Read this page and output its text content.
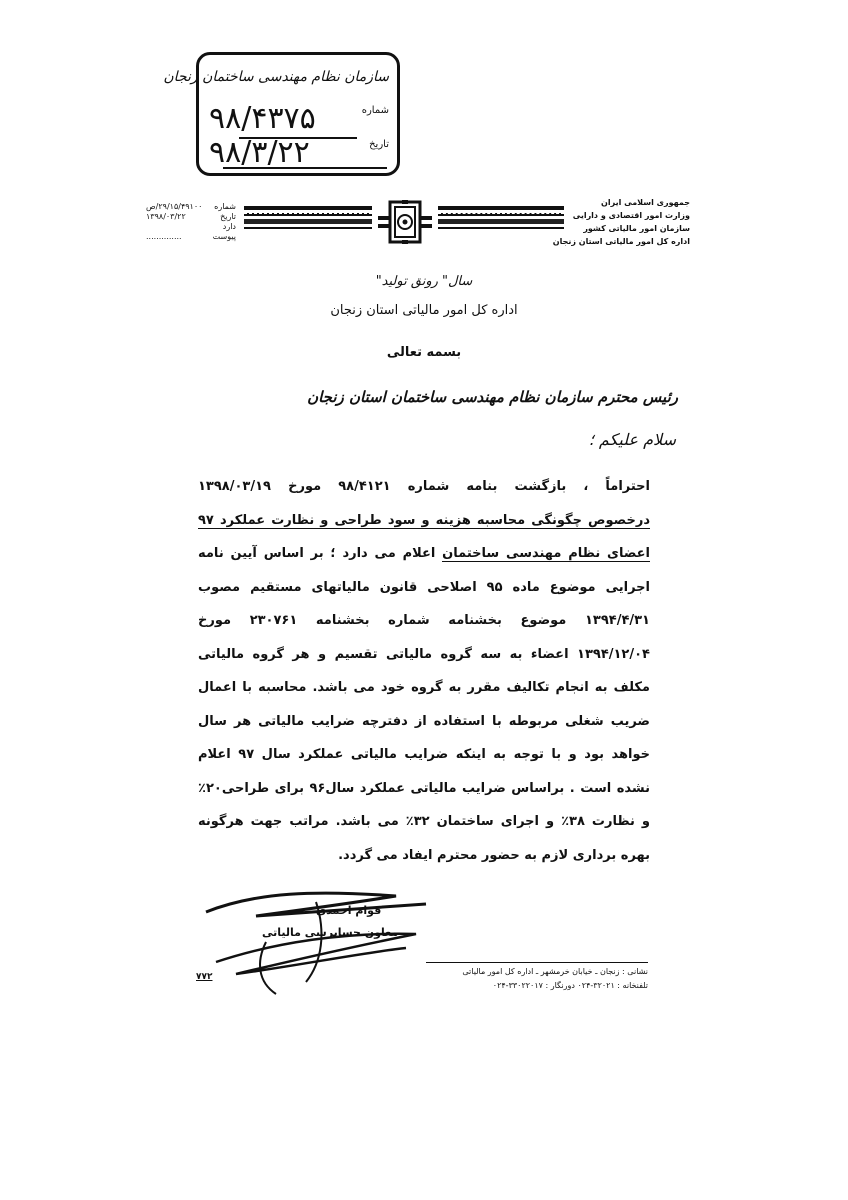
سازمان نظام مهندسی ساختمان زنجان
شماره
۹۸/۴۳۷۵
تاریخ
۹۸/۳/۲۲
شماره
۲۹/۱۵/۴۹۱۰۰/ص
تاریخ
۱۳۹۸/۰۳/۲۲
دارد
پیوست
..............
جمهوری اسلامی ایران
وزارت امور اقتصادی و دارایی
سازمان امور مالیاتی کشور
اداره کل امور مالیاتی استان زنجان
سال" رونق تولید"
اداره کل امور مالیاتی استان زنجان
بسمه تعالی
رئیس محترم سازمان نظام مهندسی ساختمان استان زنجان
سلام علیکم ؛
احتراماً ، بازگشت بنامه شماره ۹۸/۴۱۲۱ مورخ ۱۳۹۸/۰۳/۱۹
درخصوص چگونگی محاسبه هزینه و سود طراحی و نظارت عملکرد ۹۷
اعضای نظام مهندسی ساختمان اعلام می دارد ؛ بر اساس آیین نامه
اجرایی موضوع ماده ۹۵ اصلاحی قانون مالیاتهای مستقیم مصوب
۱۳۹۴/۴/۳۱ موضوع بخشنامه شماره بخشنامه ۲۳۰۷۶۱ مورخ
۱۳۹۴/۱۲/۰۴ اعضاء به سه گروه مالیاتی تقسیم و هر گروه مالیاتی
مکلف به انجام تکالیف مقرر به گروه خود می باشد. محاسبه با اعمال
ضریب شغلی مربوطه با استفاده از دفترچه ضرایب مالیاتی هر سال
خواهد بود و با توجه به اینکه ضرایب مالیاتی عملکرد سال ۹۷ اعلام
نشده است . براساس ضرایب مالیاتی عملکرد سال۹۶ برای طراحی۲۰٪
و نظارت ۳۸٪ و اجرای ساختمان ۳۲٪ می باشد. مراتب جهت هرگونه
بهره برداری لازم به حضور محترم ایفاد می گردد.
قوام احمدی
معاون حسابرسی مالیاتی
۷۷۲
نشانی : زنجان ـ خیابان خرمشهر ـ اداره کل امور مالیاتی
تلفنخانه : ۳۲۰۲۱-۰۲۴ دورنگار : ۳۳۰۲۲۰۱۷-۰۲۴
